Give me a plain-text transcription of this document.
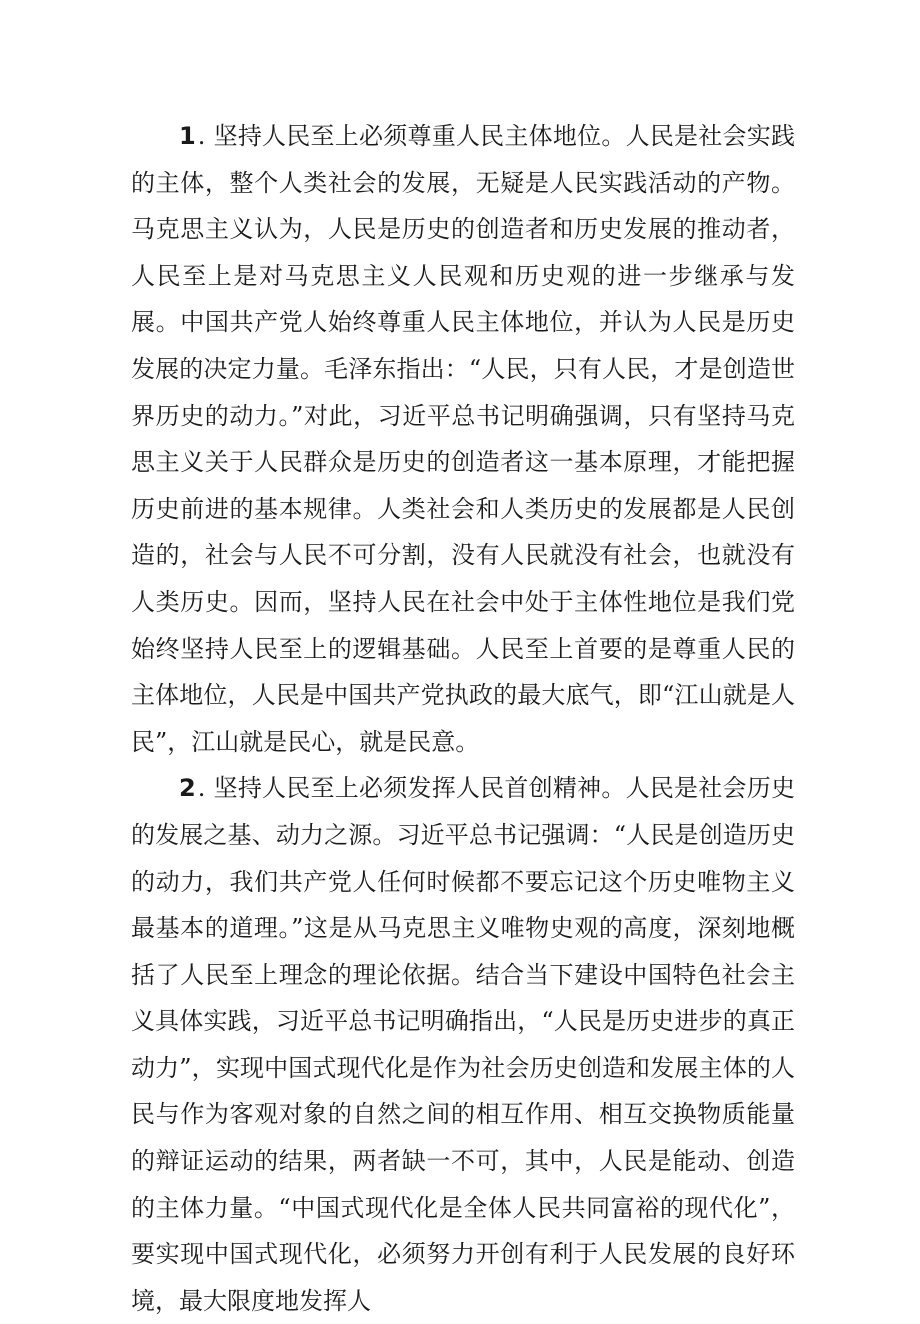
1. 坚持人民至上必须尊重人民主体地位。人民是社会实践的主体，整个人类社会的发展，无疑是人民实践活动的产物。马克思主义认为，人民是历史的创造者和历史发展的推动者，人民至上是对马克思主义人民观和历史观的进一步继承与发展。中国共产党人始终尊重人民主体地位，并认为人民是历史发展的决定力量。毛泽东指出：“人民，只有人民，才是创造世界历史的动力。”对此，习近平总书记明确强调，只有坚持马克思主义关于人民群众是历史的创造者这一基本原理，才能把握历史前进的基本规律。人类社会和人类历史的发展都是人民创造的，社会与人民不可分割，没有人民就没有社会，也就没有人类历史。因而，坚持人民在社会中处于主体性地位是我们党始终坚持人民至上的逻辑基础。人民至上首要的是尊重人民的主体地位，人民是中国共产党执政的最大底气，即“江山就是人民”，江山就是民心，就是民意。

2. 坚持人民至上必须发挥人民首创精神。人民是社会历史的发展之基、动力之源。习近平总书记强调：“人民是创造历史的动力，我们共产党人任何时候都不要忘记这个历史唯物主义最基本的道理。”这是从马克思主义唯物史观的高度，深刻地概括了人民至上理念的理论依据。结合当下建设中国特色社会主义具体实践，习近平总书记明确指出，“人民是历史进步的真正动力”，实现中国式现代化是作为社会历史创造和发展主体的人民与作为客观对象的自然之间的相互作用、相互交换物质能量的辩证运动的结果，两者缺一不可，其中，人民是能动、创造的主体力量。“中国式现代化是全体人民共同富裕的现代化”，要实现中国式现代化，必须努力开创有利于人民发展的良好环境，最大限度地发挥人
